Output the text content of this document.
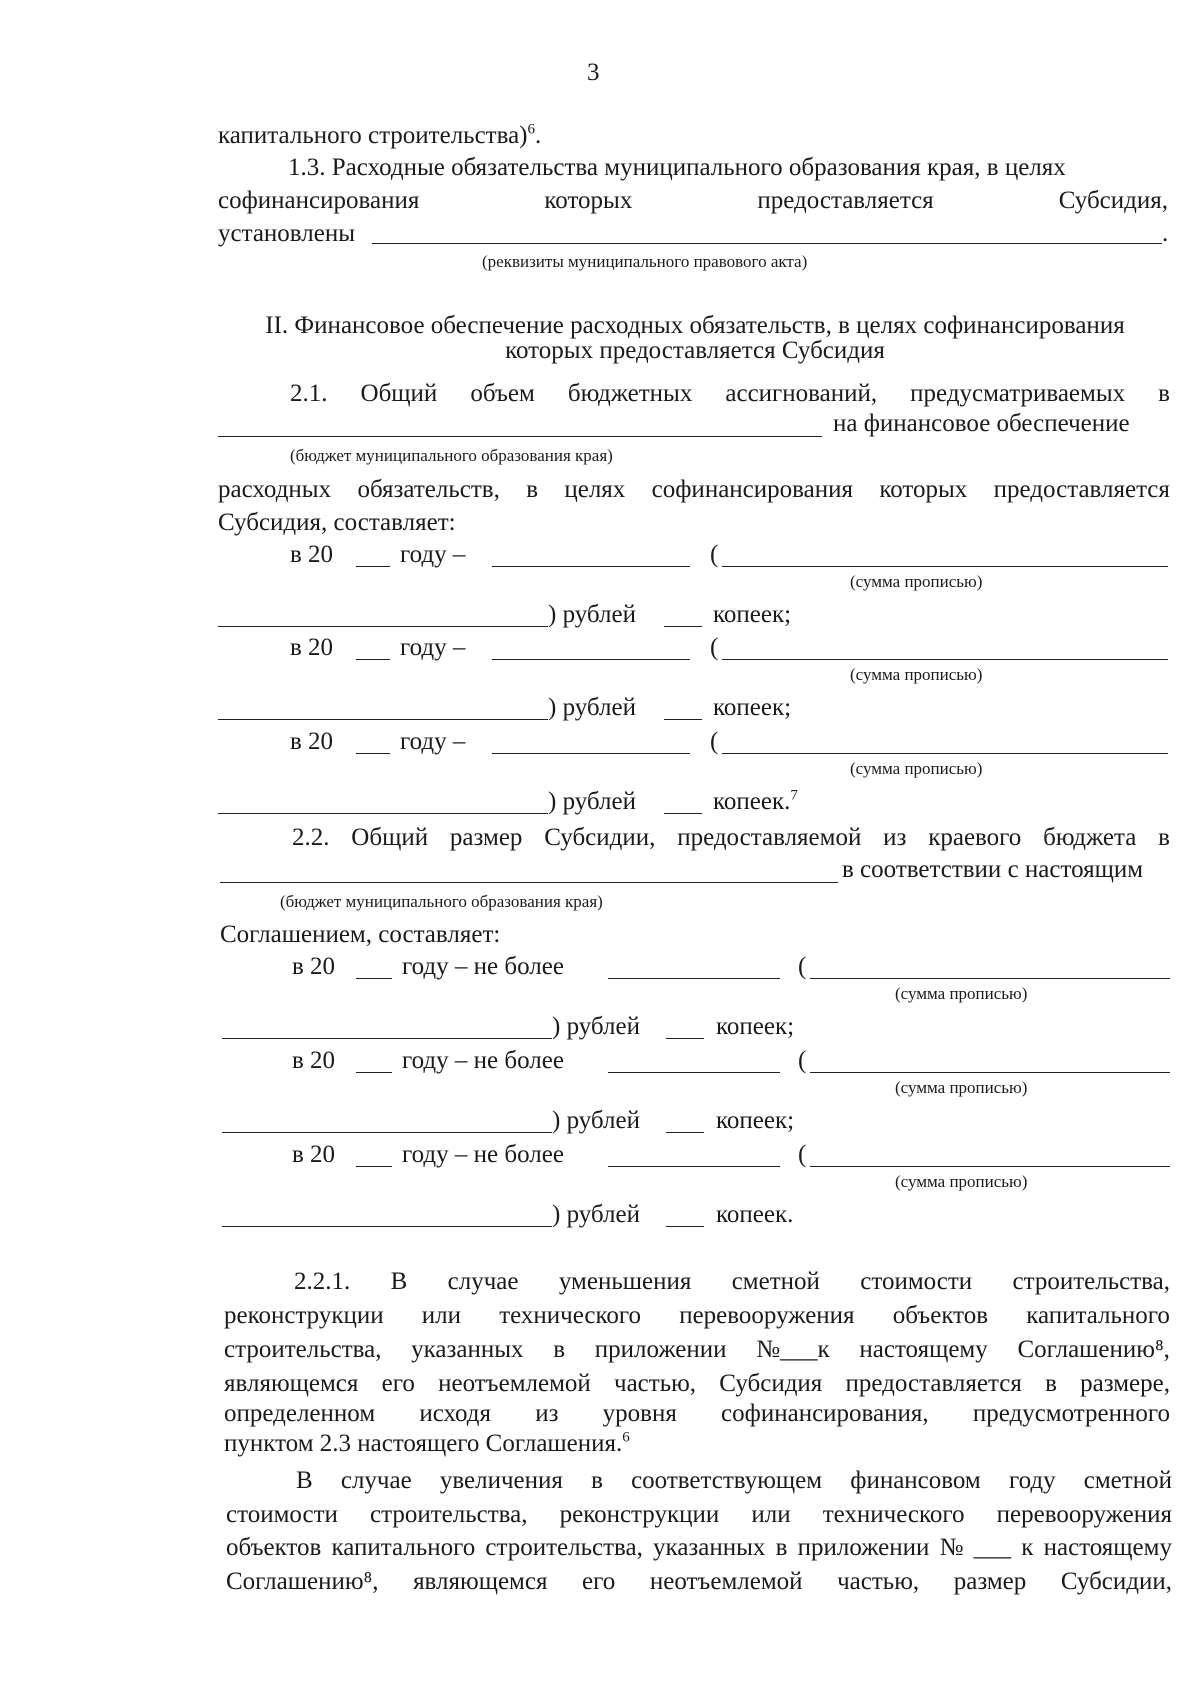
3
капитального строительства)$^6$.
1.3. Расходные обязательства муниципального образования края, в целях
софинансирования	которых	предоставляется	Субсидия,
установлены	.
(реквизиты муниципального правового акта)
II. Финансовое обеспечение расходных обязательств, в целях софинансирования
которых предоставляется Субсидия
2.1. Общий объем бюджетных ассигнований, предусматриваемых в
на финансовое обеспечение
(бюджет муниципального образования края)
расходных обязательств, в целях софинансирования которых предоставляется
Субсидия, составляет:
в 20	году –	(
(сумма прописью)
) рублей	копеек;
в 20	году –	(
(сумма прописью)
) рублей	копеек;
в 20	году –	(
(сумма прописью)
) рублей	копеек.$^7$
2.2. Общий размер Субсидии, предоставляемой из краевого бюджета в
в соответствии с настоящим
(бюджет муниципального образования края)
Соглашением, составляет:
в 20	году – не более	(
(сумма прописью)
) рублей	копеек;
в 20	году – не более	(
(сумма прописью)
) рублей	копеек;
в 20	году – не более	(
(сумма прописью)
) рублей	копеек.
2.2.1. В случае уменьшения сметной стоимости строительства,
реконструкции или технического перевооружения объектов капитального
строительства, указанных в приложении №___к настоящему Соглашению⁸,
являющемся его неотъемлемой частью, Субсидия предоставляется в размере,
определенном исходя из уровня софинансирования, предусмотренного
пунктом 2.3 настоящего Соглашения.$^6$
В случае увеличения в соответствующем финансовом году сметной
стоимости строительства, реконструкции или технического перевооружения
объектов капитального строительства, указанных в приложении № ___ к настоящему
Соглашению⁸, являющемся его неотъемлемой частью, размер Субсидии,
